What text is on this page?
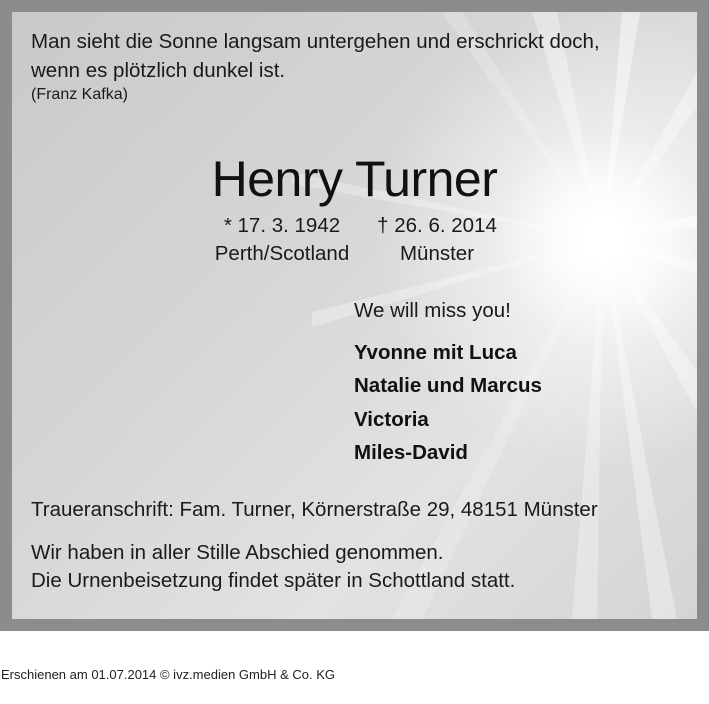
Man sieht die Sonne langsam untergehen und erschrickt doch,

wenn es plötzlich dunkel ist.

(Franz Kafka)

Henry Turner

* 17. 3. 1942	† 26. 6. 2014

Perth/Scotland	Münster

We will miss you!

Yvonne mit Luca

Natalie und Marcus

Victoria

Miles-David

Traueranschrift: Fam. Turner, Körnerstraße 29, 48151 Münster

Wir haben in aller Stille Abschied genommen.

Die Urnenbeisetzung findet später in Schottland statt.

Erschienen am 01.07.2014 © ivz.medien GmbH & Co. KG
